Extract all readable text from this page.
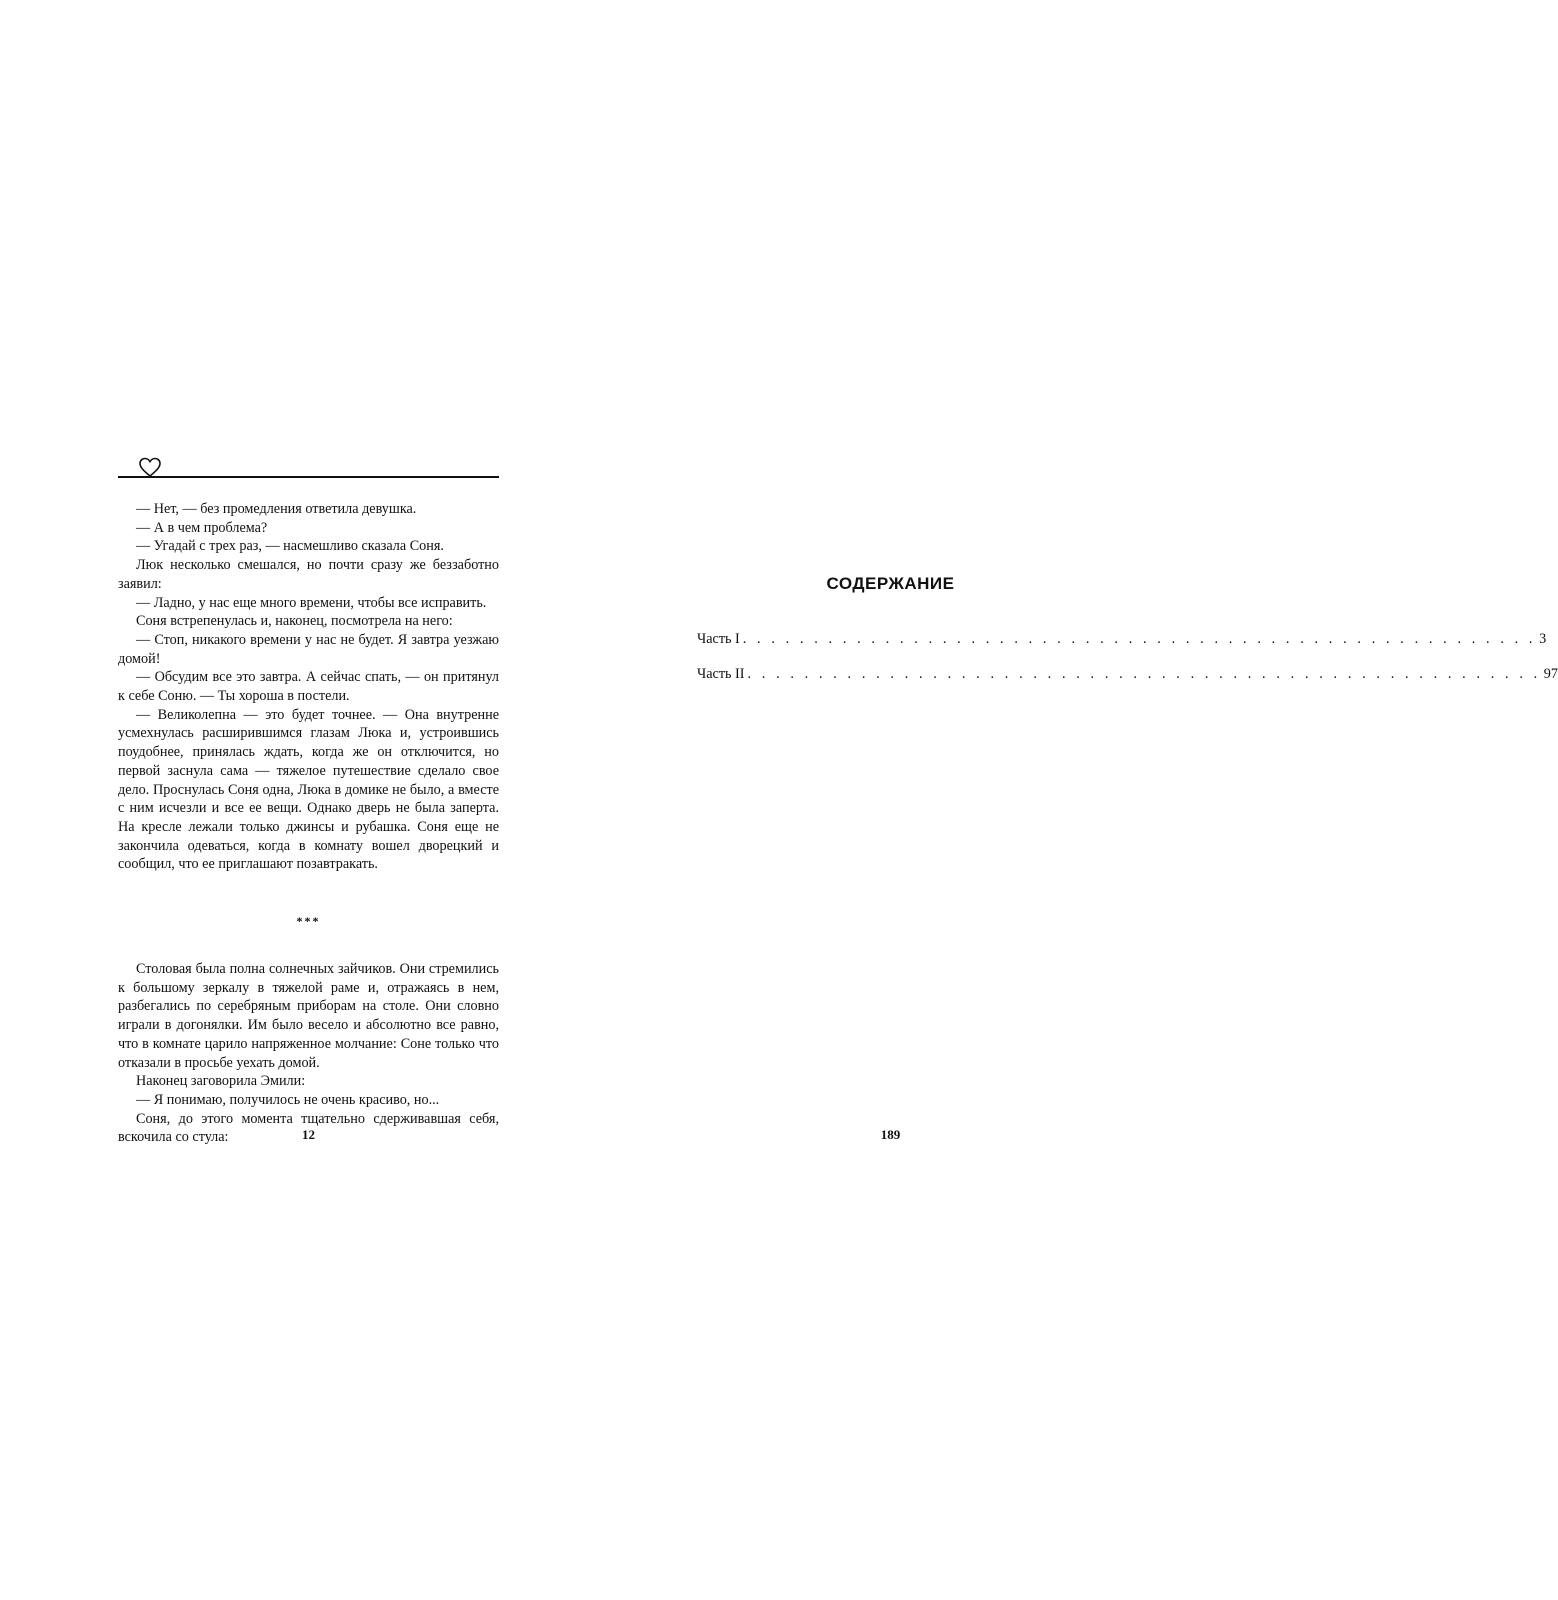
— Нет, — без промедления ответила девушка.

— А в чем проблема?

— Угадай с трех раз, — насмешливо сказала Соня.

Люк несколько смешался, но почти сразу же беззаботно заявил:

— Ладно, у нас еще много времени, чтобы все исправить.

Соня встрепенулась и, наконец, посмотрела на него:

— Стоп, никакого времени у нас не будет. Я завтра уезжаю домой!

— Обсудим все это завтра. А сейчас спать, — он притянул к себе Соню. — Ты хороша в постели.

— Великолепна — это будет точнее. — Она внутренне усмехнулась расширившимся глазам Люка и, устроившись поудобнее, принялась ждать, когда же он отключится, но первой заснула сама — тяжелое путешествие сделало свое дело. Проснулась Соня одна, Люка в домике не было, а вместе с ним исчезли и все ее вещи. Однако дверь не была заперта. На кресле лежали только джинсы и рубашка. Соня еще не закончила одеваться, когда в комнату вошел дворецкий и сообщил, что ее приглашают позавтракать.

***

Столовая была полна солнечных зайчиков. Они стремились к большому зеркалу в тяжелой раме и, отражаясь в нем, разбегались по серебряным приборам на столе. Они словно играли в догонялки. Им было весело и абсолютно все равно, что в комнате царило напряженное молчание: Соне только что отказали в просьбе уехать домой.

Наконец заговорила Эмили:

— Я понимаю, получилось не очень красиво, но...

Соня, до этого момента тщательно сдерживавшая себя, вскочила со стула:	12
СОДЕРЖАНИЕ
Часть I . . . . . . . . . . . . . . . . . . . . . . . . . . . . . . . . . . . . . . . . . . . . . . . . . . . . . . . . 3
Часть II . . . . . . . . . . . . . . . . . . . . . . . . . . . . . . . . . . . . . . . . . . . . . . . . . . . . . . . . 97
189
